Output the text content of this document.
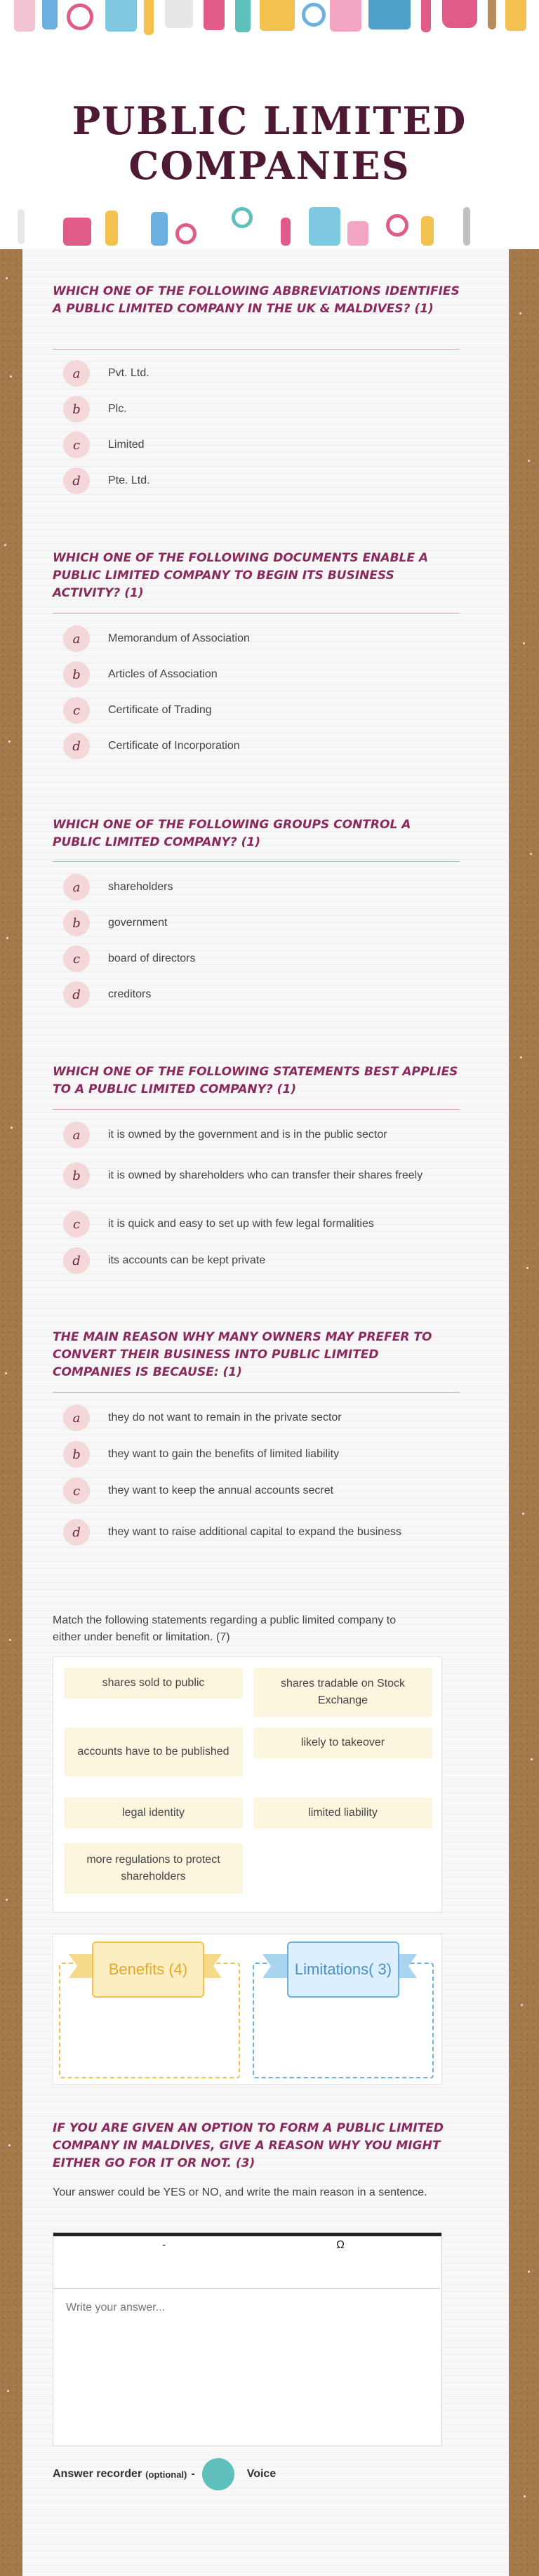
PUBLIC LIMITED COMPANIES
WHICH ONE OF THE FOLLOWING ABBREVIATIONS IDENTIFIES A PUBLIC LIMITED COMPANY IN THE UK & MALDIVES? (1)
a	Pvt. Ltd.
b	Plc.
c	Limited
d	Pte. Ltd.
WHICH ONE OF THE FOLLOWING DOCUMENTS ENABLE A PUBLIC LIMITED COMPANY TO BEGIN ITS BUSINESS ACTIVITY? (1)
a	Memorandum of Association
b	Articles of Association
c	Certificate of Trading
d	Certificate of Incorporation
WHICH ONE OF THE FOLLOWING GROUPS CONTROL A PUBLIC LIMITED COMPANY? (1)
a	shareholders
b	government
c	board of directors
d	creditors
WHICH ONE OF THE FOLLOWING STATEMENTS BEST APPLIES TO A PUBLIC LIMITED COMPANY? (1)
a	it is owned by the government and is in the public sector
b	it is owned by shareholders who can transfer their shares freely
c	it is quick and easy to set up with few legal formalities
d	its accounts can be kept private
THE MAIN REASON WHY MANY OWNERS MAY PREFER TO CONVERT THEIR BUSINESS INTO PUBLIC LIMITED COMPANIES IS BECAUSE: (1)
a	they do not want to remain in the private sector
b	they want to gain the benefits of limited liability
c	they want to keep the annual accounts secret
d	they want to raise additional capital to expand the business
Match the following statements regarding a public limited company to either under benefit or limitation. (7)
shares sold to public	shares tradable on Stock Exchange
accounts have to be published
likely to takeover
legal identity	limited liability
more regulations to protect shareholders
Benefits (4)	Limitations( 3)
IF YOU ARE GIVEN AN OPTION TO FORM A PUBLIC LIMITED COMPANY IN MALDIVES, GIVE A REASON WHY YOU MIGHT EITHER GO FOR IT OR NOT. (3)
Your answer could be YES or NO, and write the main reason in a sentence.
-	Ω
Write your answer...
Answer recorder (optional) -	Voice
